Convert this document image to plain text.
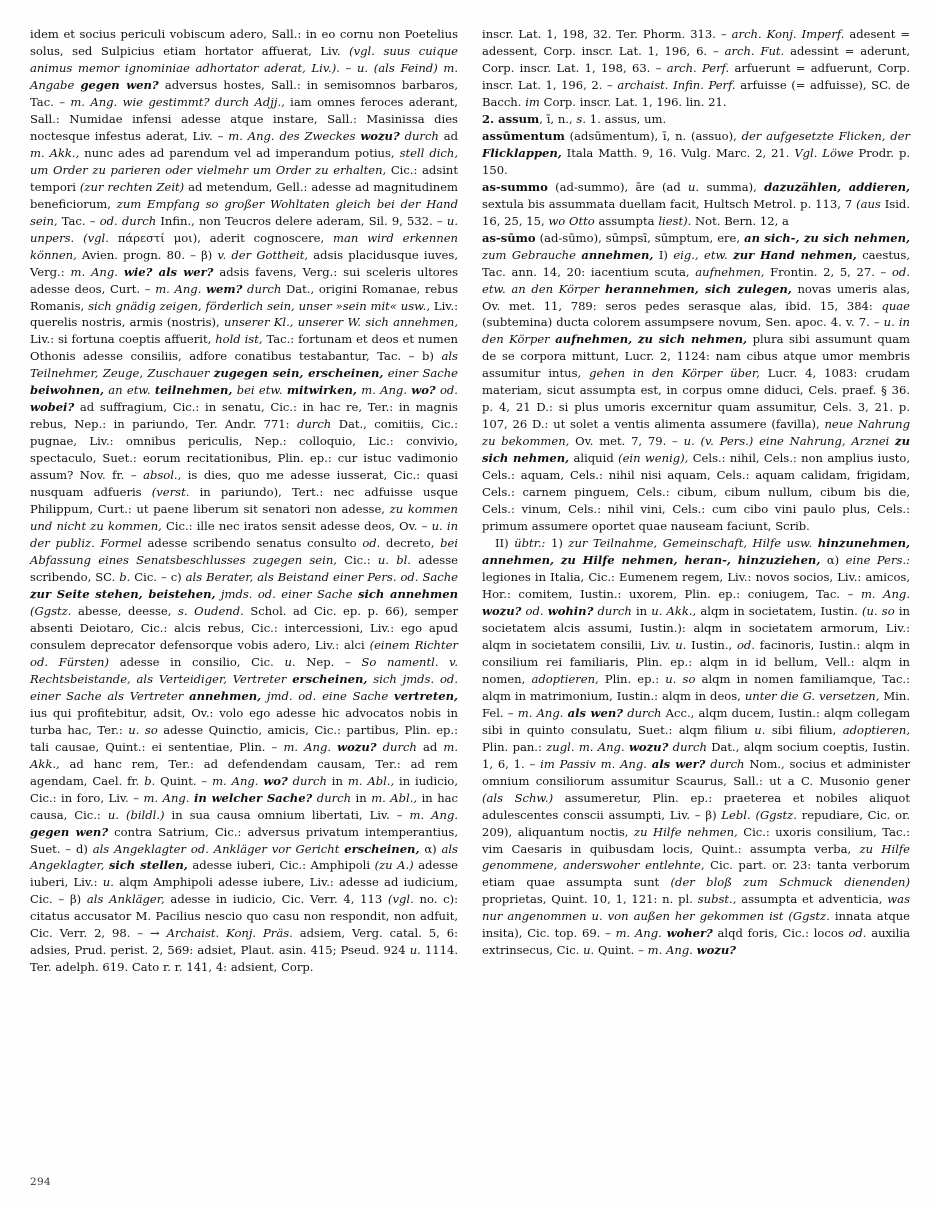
idem et socius periculi vobiscum adero, Sall.: in eo cornu non Poetelius solus, sed Sulpicius etiam hortator affuerat, Liv. (vgl. suus cuique animus memor ignominiae adhortator aderat, Liv.). – u. (als Feind) m. Angabe gegen wen? adversus hostes, Sall.: in semisomnos barbaros, Tac. – m. Ang. wie gestimmt? durch Adjj., iam omnes feroces aderant, Sall.: Numidae infensi adesse atque instare, Sall.: Masinissa dies noctesque infestus aderat, Liv. – m. Ang. des Zweckes wozu? durch ad m. Akk., nunc ades ad parendum vel ad imperandum potius, stell dich, um Order zu parieren oder vielmehr um Order zu erhalten, Cic.: adsint tempori (zur rechten Zeit) ad metendum, Gell.: adesse ad magnitudinem beneficiorum, zum Empfang so großer Wohltaten gleich bei der Hand sein, Tac. – od. durch Infin., non Teucros delere aderam, Sil. 9, 532. – u. unpers. (vgl. πάρεστί μοι), aderit cognoscere, man wird erkennen können, Avien. progn. 80. – β) v. der Gottheit, adsis placidusque iuves, Verg.: m. Ang. wie? als wer? adsis favens, Verg.: sui sceleris ultores adesse deos, Curt. – m. Ang. wem? durch Dat., origini Romanae, rebus Romanis, sich gnädig zeigen, förderlich sein, unser »sein mit« usw., Liv.: querelis nostris, armis (nostris), unserer Kl., unserer W. sich annehmen, Liv.: si fortuna coeptis affuerit, hold ist, Tac.: fortunam et deos et numen Othonis adesse consiliis, adfore conatibus testabantur, Tac. – b) als Teilnehmer, Zeuge, Zuschauer zugegen sein, erscheinen, einer Sache beiwohnen, an etw. teilnehmen, bei etw. mitwirken, m. Ang. wo? od. wobei? ad suffragium, Cic.: in senatu, Cic.: in hac re, Ter.: in magnis rebus, Nep.: in pariundo, Ter. Andr. 771: durch Dat., comitiis, Cic.: pugnae, Liv.: omnibus periculis, Nep.: colloquio, Lic.: convivio, spectaculo, Suet.: eorum recitationibus, Plin. ep.: cur istuc vadimonio assum? Nov. fr. – absol., is dies, quo me adesse iusserat, Cic.: quasi nusquam adfueris (verst. in pariundo), Tert.: nec adfuisse usque Philippum, Curt.: ut paene liberum sit senatori non adesse, zu kommen und nicht zu kommen, Cic.: ille nec iratos sensit adesse deos, Ov. – u. in der publiz. Formel adesse scribendo senatus consulto od. decreto, bei Abfassung eines Senatsbeschlusses zugegen sein, Cic.: u. bl. adesse scribendo, SC. b. Cic. – c) als Berater, als Beistand einer Pers. od. Sache zur Seite stehen, beistehen, jmds. od. einer Sache sich annehmen (Ggstz. abesse, deesse, s. Oudend. Schol. ad Cic. ep. p. 66), semper absenti Deiotaro, Cic.: alcis rebus, Cic.: intercessioni, Liv.: ego apud consulem deprecator defensorque vobis adero, Liv.: alci (einem Richter od. Fürsten) adesse in consilio, Cic. u. Nep. – So namentl. v. Rechtsbeistande, als Verteidiger, Vertreter erscheinen, sich jmds. od. einer Sache als Vertreter annehmen, jmd. od. eine Sache vertreten, ius qui profitebitur, adsit, Ov.: volo ego adesse hic advocatos nobis in turba hac, Ter.: u. so adesse Quinctio, amicis, Cic.: partibus, Plin. ep.: tali causae, Quint.: ei sententiae, Plin. – m. Ang. wozu? durch ad m. Akk., ad hanc rem, Ter.: ad defendendam causam, Ter.: ad rem agendam, Cael. fr. b. Quint. – m. Ang. wo? durch in m. Abl., in iudicio, Cic.: in foro, Liv. – m. Ang. in welcher Sache? durch in m. Abl., in hac causa, Cic.: u. (bildl.) in sua causa omnium libertati, Liv. – m. Ang. gegen wen? contra Satrium, Cic.: adversus privatum intemperantius, Suet. – d) als Angeklagter od. Ankläger vor Gericht erscheinen, α) als Angeklagter, sich stellen, adesse iuberi, Cic.: Amphipoli (zu A.) adesse iuberi, Liv.: u. alqm Amphipoli adesse iubere, Liv.: adesse ad iudicium, Cic. – β) als Ankläger, adesse in iudicio, Cic. Verr. 4, 113 (vgl. no. c): citatus accusator M. Pacilius nescio quo casu non respondit, non adfuit, Cic. Verr. 2, 98. – → Archaist. Konj. Präs. adsiem, Verg. catal. 5, 6: adsies, Prud. perist. 2, 569: adsiet, Plaut. asin. 415; Pseud. 924 u. 1114. Ter. adelph. 619. Cato r. r. 141, 4: adsient, Corp.

inscr. Lat. 1, 198, 32. Ter. Phorm. 313. – arch. Konj. Imperf. adesent = adessent, Corp. inscr. Lat. 1, 196, 6. – arch. Fut. adessint = aderunt, Corp. inscr. Lat. 1, 198, 63. – arch. Perf. arfuerunt = adfuerunt, Corp. inscr. Lat. 1, 196, 2. – archaist. Infin. Perf. arfuisse (= adfuisse), SC. de Bacch. im Corp. inscr. Lat. 1, 196. lin. 21.

2. assum, ī, n., s. 1. assus, um.

assūmentum (adsūmentum), ī, n. (assuo), der aufgesetzte Flicken, der Flicklappen, Itala Matth. 9, 16. Vulg. Marc. 2, 21. Vgl. Löwe Prodr. p. 150.

as-summo (ad-summo), āre (ad u. summa), dazuzählen, addieren, sextula bis assummata duellam facit, Hultsch Metrol. p. 113, 7 (aus Isid. 16, 25, 15, wo Otto assumpta liest). Not. Bern. 12, a

as-sūmo (ad-sūmo), sūmpsī, sūmptum, ere, an sich-, zu sich nehmen, zum Gebrauche annehmen, I) eig., etw. zur Hand nehmen, caestus, Tac. ann. 14, 20: iacentium scuta, aufnehmen, Frontin. 2, 5, 27. – od. etw. an den Körper herannehmen, sich zulegen, novas umeris alas, Ov. met. 11, 789: seros pedes serasque alas, ibid. 15, 384: quae (subtemina) ducta colorem assumpsere novum, Sen. apoc. 4. v. 7. – u. in den Körper aufnehmen, zu sich nehmen, plura sibi assumunt quam de se corpora mittunt, Lucr. 2, 1124: nam cibus atque umor membris assumitur intus, gehen in den Körper über, Lucr. 4, 1083: crudam materiam, sicut assumpta est, in corpus omne diduci, Cels. praef. § 36. p. 4, 21 D.: si plus umoris excernitur quam assumitur, Cels. 3, 21. p. 107, 26 D.: ut solet a ventis alimenta assumere (favilla), neue Nahrung zu bekommen, Ov. met. 7, 79. – u. (v. Pers.) eine Nahrung, Arznei zu sich nehmen, aliquid (ein wenig), Cels.: nihil, Cels.: non amplius iusto, Cels.: aquam, Cels.: nihil nisi aquam, Cels.: aquam calidam, frigidam, Cels.: carnem pinguem, Cels.: cibum, cibum nullum, cibum bis die, Cels.: vinum, Cels.: nihil vini, Cels.: cum cibo vini paulo plus, Cels.: primum assumere oportet quae nauseam faciunt, Scrib.

II) übtr.: 1) zur Teilnahme, Gemeinschaft, Hilfe usw. hinzunehmen, annehmen, zu Hilfe nehmen, heran-, hinzuziehen, α) eine Pers.: legiones in Italia, Cic.: Eumenem regem, Liv.: novos socios, Liv.: amicos, Hor.: comitem, Iustin.: uxorem, Plin. ep.: coniugem, Tac. – m. Ang. wozu? od. wohin? durch in u. Akk., alqm in societatem, Iustin. (u. so in societatem alcis assumi, Iustin.): alqm in societatem armorum, Liv.: alqm in societatem consilii, Liv. u. Iustin., od. facinoris, Iustin.: alqm in consilium rei familiaris, Plin. ep.: alqm in id bellum, Vell.: alqm in nomen, adoptieren, Plin. ep.: u. so alqm in nomen familiamque, Tac.: alqm in matrimonium, Iustin.: alqm in deos, unter die G. versetzen, Min. Fel. – m. Ang. als wen? durch Acc., alqm ducem, Iustin.: alqm collegam sibi in quinto consulatu, Suet.: alqm filium u. sibi filium, adoptieren, Plin. pan.: zugl. m. Ang. wozu? durch Dat., alqm socium coeptis, Iustin. 1, 6, 1. – im Passiv m. Ang. als wer? durch Nom., socius et administer omnium consiliorum assumitur Scaurus, Sall.: ut a C. Musonio gener (als Schw.) assumeretur, Plin. ep.: praeterea et nobiles aliquot adulescentes conscii assumpti, Liv. – β) Lebl. (Ggstz. repudiare, Cic. or. 209), aliquantum noctis, zu Hilfe nehmen, Cic.: uxoris consilium, Tac.: vim Caesaris in quibusdam locis, Quint.: assumpta verba, zu Hilfe genommene, anderswoher entlehnte, Cic. part. or. 23: tanta verborum etiam quae assumpta sunt (der bloß zum Schmuck dienenden) proprietas, Quint. 10, 1, 121: n. pl. subst., assumpta et adventicia, was nur angenommen u. von außen her gekommen ist (Ggstz. innata atque insita), Cic. top. 69. – m. Ang. woher? alqd foris, Cic.: locos od. auxilia extrinsecus, Cic. u. Quint. – m. Ang. wozu?

294
